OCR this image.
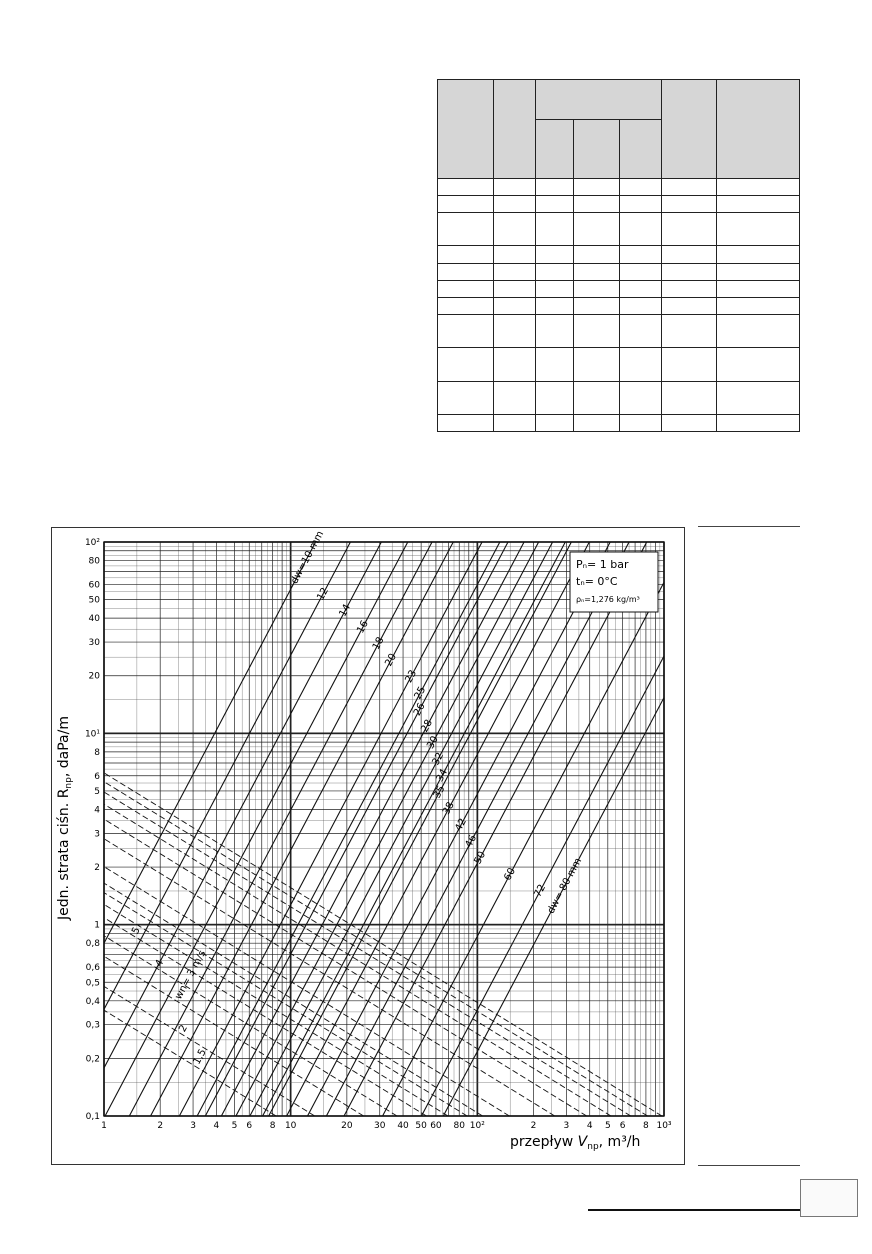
dw=10 mm
12
14
16
18
20
23
25
26
28
30
32
34
35
38
42
46
50
60
72
dw= 80 mm
1,5
2
wn= 3 m/s
4
5
1	2	3 4 5 6 8 10	20 30 40 50 60 80 10²	2	3 4 5 6 8 10³
0,1
0,2
0,3
0,4
0,5
0,6
0,8
1
2
3
4
5
6
8
10¹
20
30
40
50
60
80
10²
przepływ $V_{np}$, m³/h
Jedn. strata ciśn. $R_{np}$, daPa/m
Pₙ= 1 bar
tₙ= 0°C
ρₙ=1,276 kg/m³
